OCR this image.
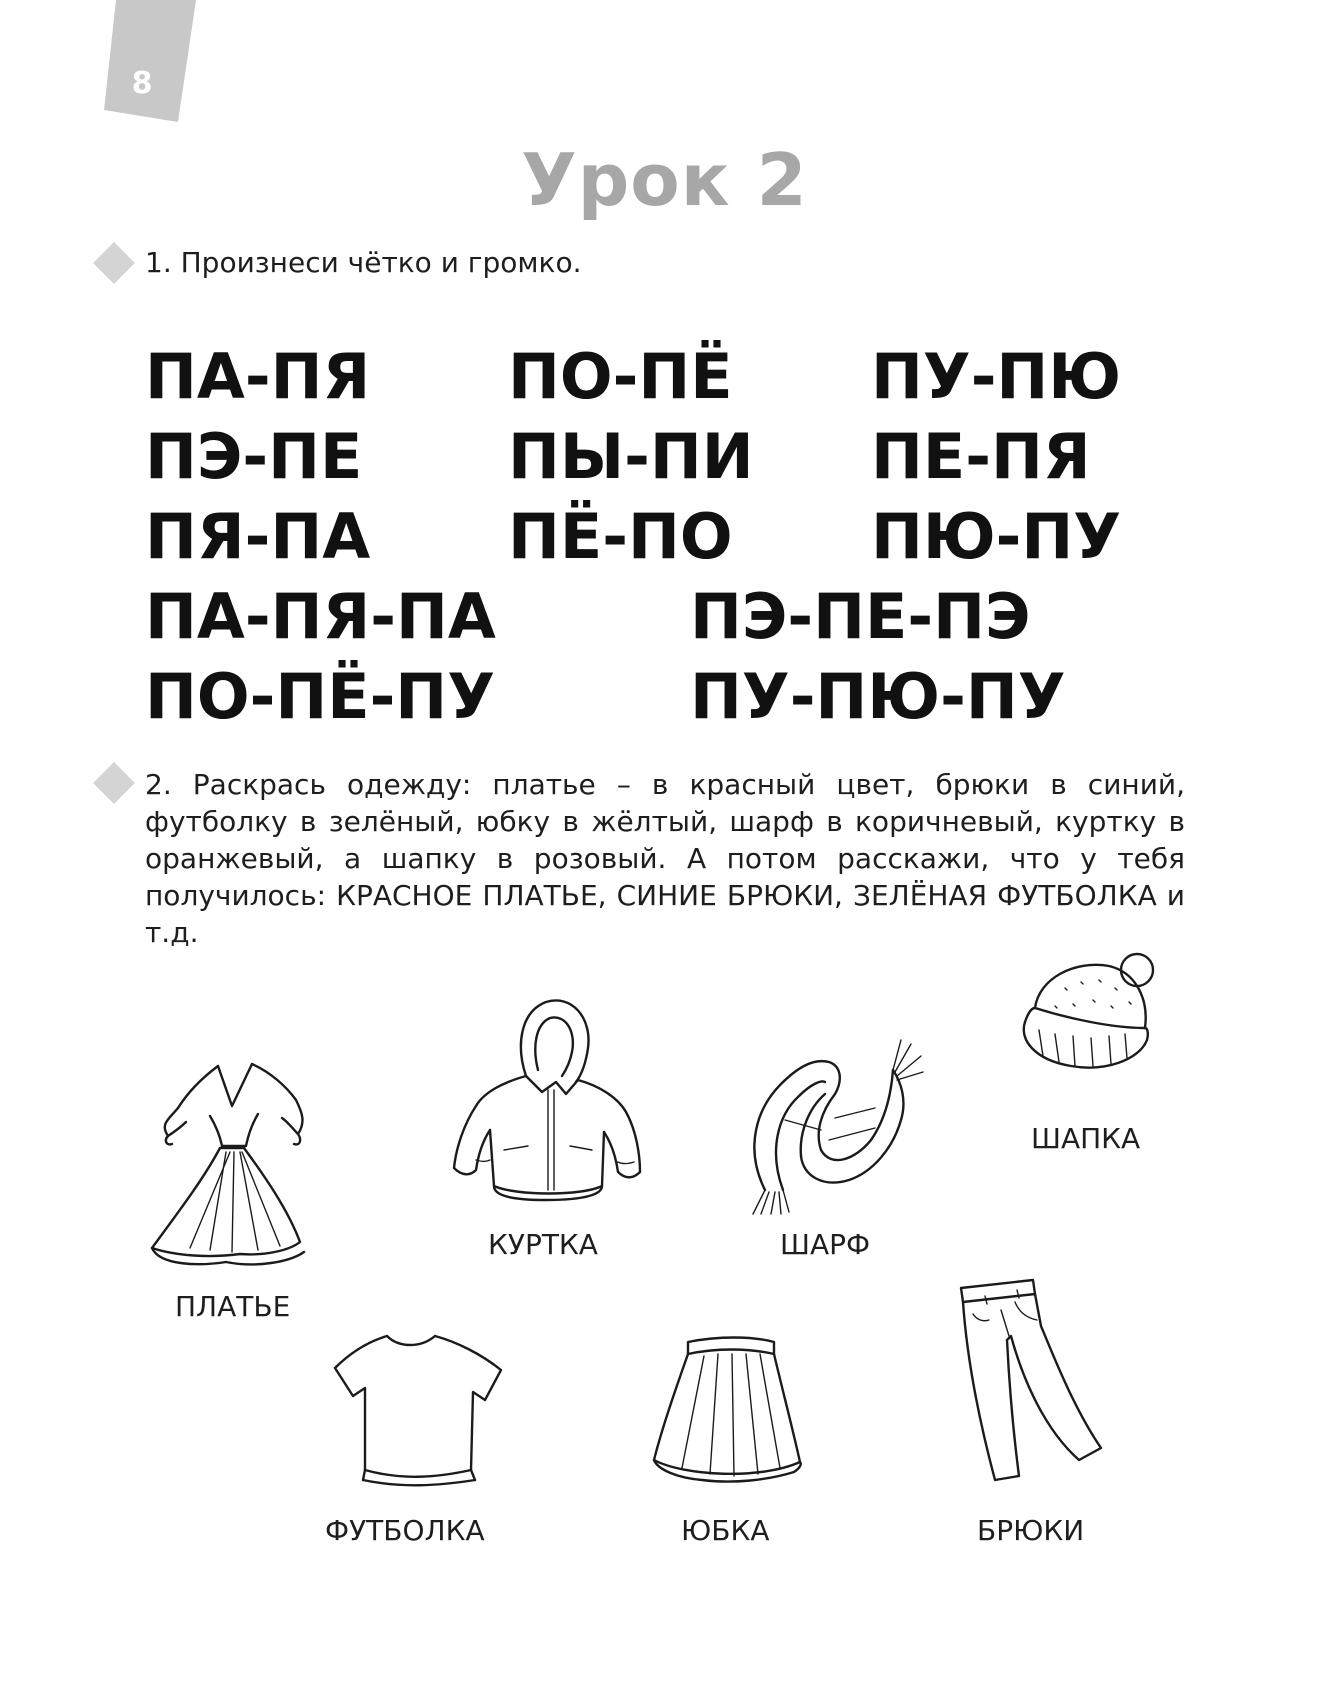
8
Урок 2
1. Произнеси чётко и громко.
ПА-ПЯ ПО-ПЁ ПУ-ПЮ
ПЭ-ПЕ ПЫ-ПИ ПЕ-ПЯ
ПЯ-ПА ПЁ-ПО ПЮ-ПУ
ПА-ПЯ-ПА	ПЭ-ПЕ-ПЭ
ПО-ПЁ-ПУ	ПУ-ПЮ-ПУ
2. Раскрась одежду: платье – в красный цвет, брюки в синий, футболку в зелёный, юбку в жёлтый, шарф в коричневый, куртку в оранжевый, а шапку в розовый. А потом расскажи, что у тебя получилось: КРАСНОЕ ПЛАТЬЕ, СИНИЕ БРЮКИ, ЗЕЛЁНАЯ ФУТБОЛКА и т.д.
ПЛАТЬЕ
КУРТКА	ШАРФ
ШАПКА
ФУТБОЛКА	ЮБКА	БРЮКИ
